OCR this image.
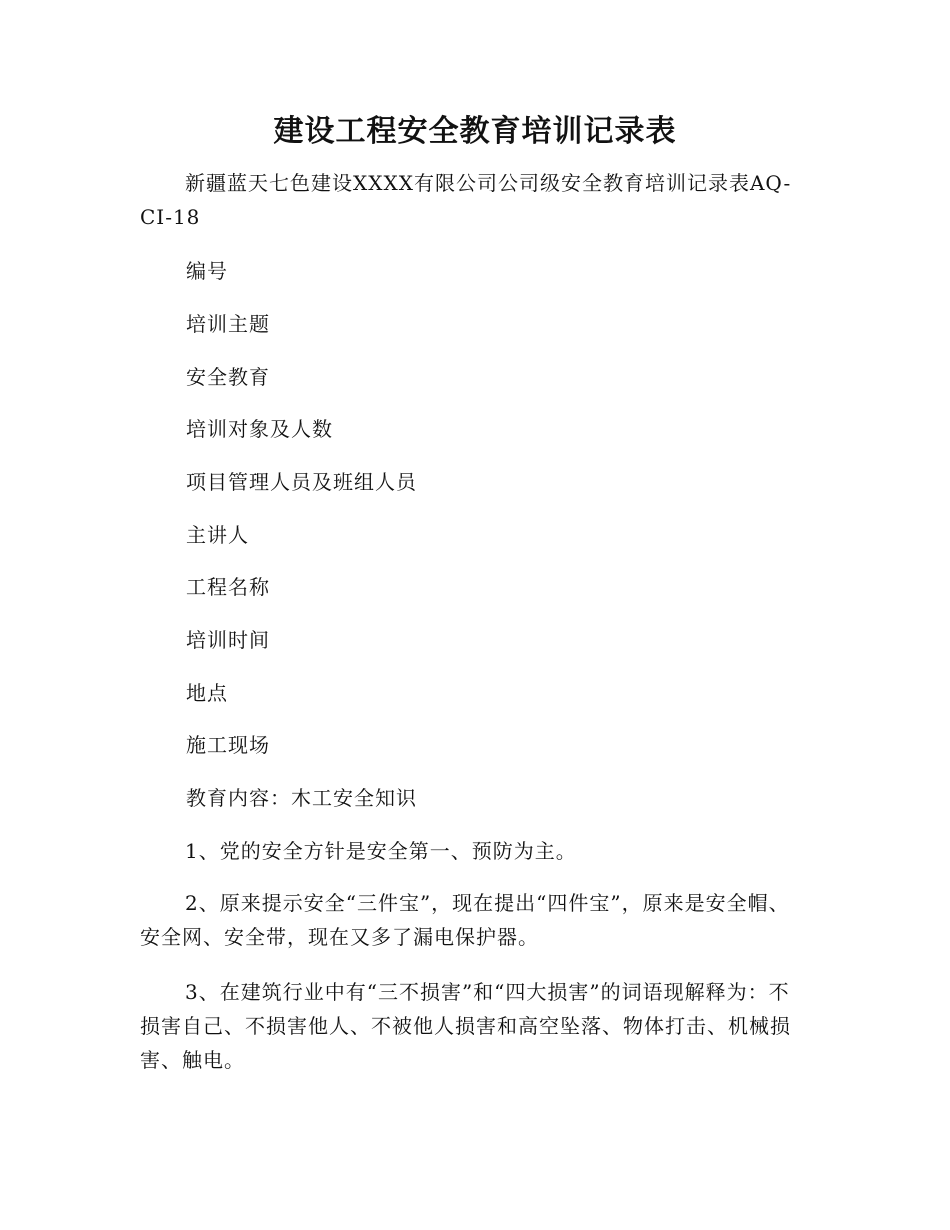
建设工程安全教育培训记录表
新疆蓝天七色建设XXXX有限公司公司级安全教育培训记录表AQ-CI-18
编号
培训主题
安全教育
培训对象及人数
项目管理人员及班组人员
主讲人
工程名称
培训时间
地点
施工现场
教育内容：木工安全知识
1、党的安全方针是安全第一、预防为主。
2、原来提示安全“三件宝”，现在提出“四件宝”，原来是安全帽、安全网、安全带，现在又多了漏电保护器。
3、在建筑行业中有“三不损害”和“四大损害”的词语现解释为：不损害自己、不损害他人、不被他人损害和高空坠落、物体打击、机械损害、触电。
